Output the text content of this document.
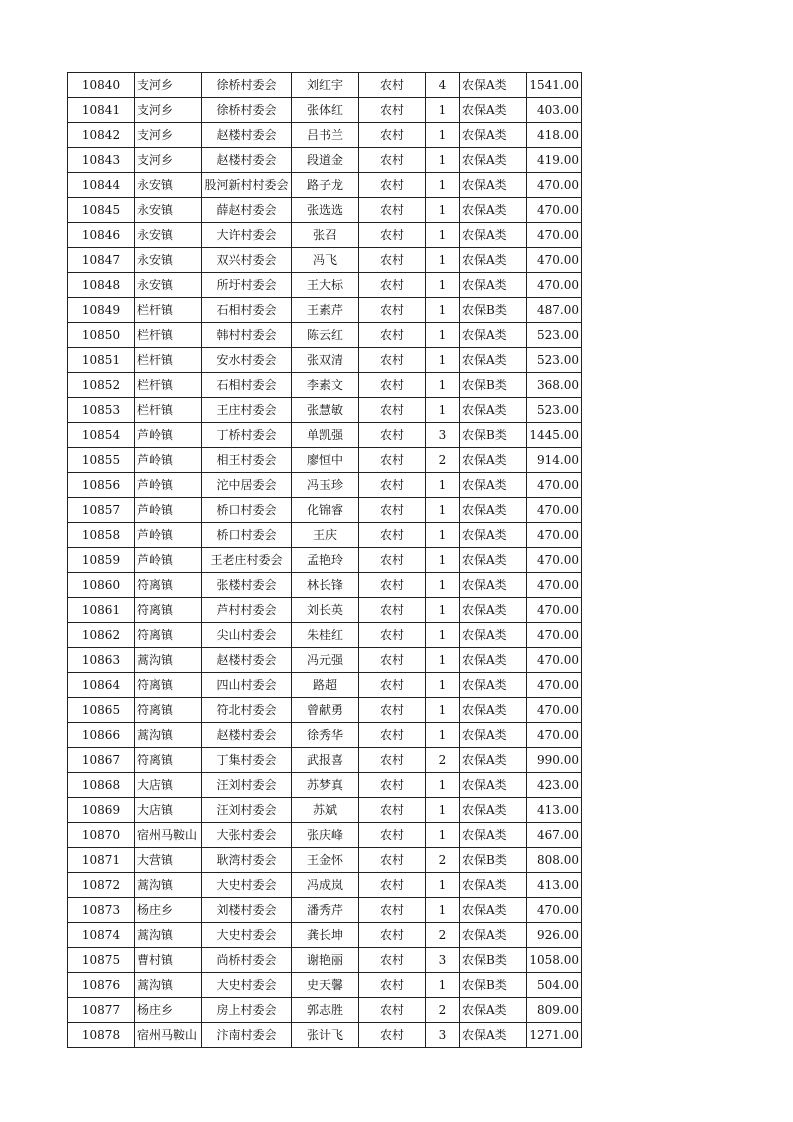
10840	支河乡	徐桥村委会	刘红宇	农村	4	农保A类	1541.00
10841	支河乡	徐桥村委会	张体红	农村	1	农保A类	403.00
10842	支河乡	赵楼村委会	吕书兰	农村	1	农保A类	418.00
10843	支河乡	赵楼村委会	段道金	农村	1	农保A类	419.00
10844	永安镇	股河新村村委会	路子龙	农村	1	农保A类	470.00
10845	永安镇	薛赵村委会	张选选	农村	1	农保A类	470.00
10846	永安镇	大许村委会	张召	农村	1	农保A类	470.00
10847	永安镇	双兴村委会	冯飞	农村	1	农保A类	470.00
10848	永安镇	所圩村委会	王大标	农村	1	农保A类	470.00
10849	栏杆镇	石相村委会	王素芹	农村	1	农保B类	487.00
10850	栏杆镇	韩村村委会	陈云红	农村	1	农保A类	523.00
10851	栏杆镇	安水村委会	张双清	农村	1	农保A类	523.00
10852	栏杆镇	石相村委会	李素文	农村	1	农保B类	368.00
10853	栏杆镇	王庄村委会	张慧敏	农村	1	农保A类	523.00
10854	芦岭镇	丁桥村委会	单凯强	农村	3	农保B类	1445.00
10855	芦岭镇	相王村委会	廖恒中	农村	2	农保A类	914.00
10856	芦岭镇	沱中居委会	冯玉珍	农村	1	农保A类	470.00
10857	芦岭镇	桥口村委会	化锦睿	农村	1	农保A类	470.00
10858	芦岭镇	桥口村委会	王庆	农村	1	农保A类	470.00
10859	芦岭镇	王老庄村委会	孟艳玲	农村	1	农保A类	470.00
10860	符离镇	张楼村委会	林长锋	农村	1	农保A类	470.00
10861	符离镇	芦村村委会	刘长英	农村	1	农保A类	470.00
10862	符离镇	尖山村委会	朱桂红	农村	1	农保A类	470.00
10863	蒿沟镇	赵楼村委会	冯元强	农村	1	农保A类	470.00
10864	符离镇	四山村委会	路超	农村	1	农保A类	470.00
10865	符离镇	符北村委会	曾献勇	农村	1	农保A类	470.00
10866	蒿沟镇	赵楼村委会	徐秀华	农村	1	农保A类	470.00
10867	符离镇	丁集村委会	武报喜	农村	2	农保A类	990.00
10868	大店镇	汪刘村委会	苏梦真	农村	1	农保A类	423.00
10869	大店镇	汪刘村委会	苏斌	农村	1	农保A类	413.00
10870	宿州马鞍山	大张村委会	张庆峰	农村	1	农保A类	467.00
10871	大营镇	耿湾村委会	王金怀	农村	2	农保B类	808.00
10872	蒿沟镇	大史村委会	冯成岚	农村	1	农保A类	413.00
10873	杨庄乡	刘楼村委会	潘秀芹	农村	1	农保A类	470.00
10874	蒿沟镇	大史村委会	龚长坤	农村	2	农保A类	926.00
10875	曹村镇	尚桥村委会	谢艳丽	农村	3	农保B类	1058.00
10876	蒿沟镇	大史村委会	史天馨	农村	1	农保B类	504.00
10877	杨庄乡	房上村委会	郭志胜	农村	2	农保A类	809.00
10878	宿州马鞍山	汴南村委会	张计飞	农村	3	农保A类	1271.00
